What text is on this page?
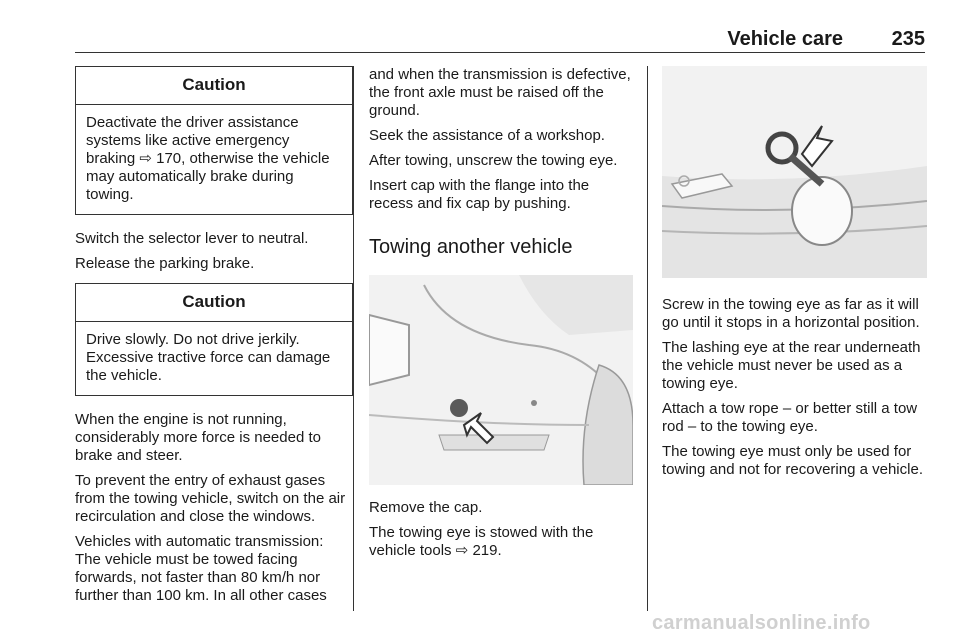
Vehicle care 235
Caution
Deactivate the driver assistance systems like active emergency braking ⇨ 170, otherwise the vehicle may automatically brake during towing.

Switch the selector lever to neutral.

Release the parking brake.

Caution
Drive slowly. Do not drive jerkily. Excessive tractive force can damage the vehicle.

When the engine is not running, considerably more force is needed to brake and steer.

To prevent the entry of exhaust gases from the towing vehicle, switch on the air recirculation and close the windows.

Vehicles with automatic transmission: The vehicle must be towed facing forwards, not faster than 80 km/h nor further than 100 km. In all other cases

and when the transmission is defective, the front axle must be raised off the ground.

Seek the assistance of a workshop.

After towing, unscrew the towing eye.

Insert cap with the flange into the recess and fix cap by pushing.

Towing another vehicle

Remove the cap.

The towing eye is stowed with the vehicle tools ⇨ 219.

Screw in the towing eye as far as it will go until it stops in a horizontal position.

The lashing eye at the rear underneath the vehicle must never be used as a towing eye.

Attach a tow rope – or better still a tow rod – to the towing eye.

The towing eye must only be used for towing and not for recovering a vehicle.

carmanualsonline.info
